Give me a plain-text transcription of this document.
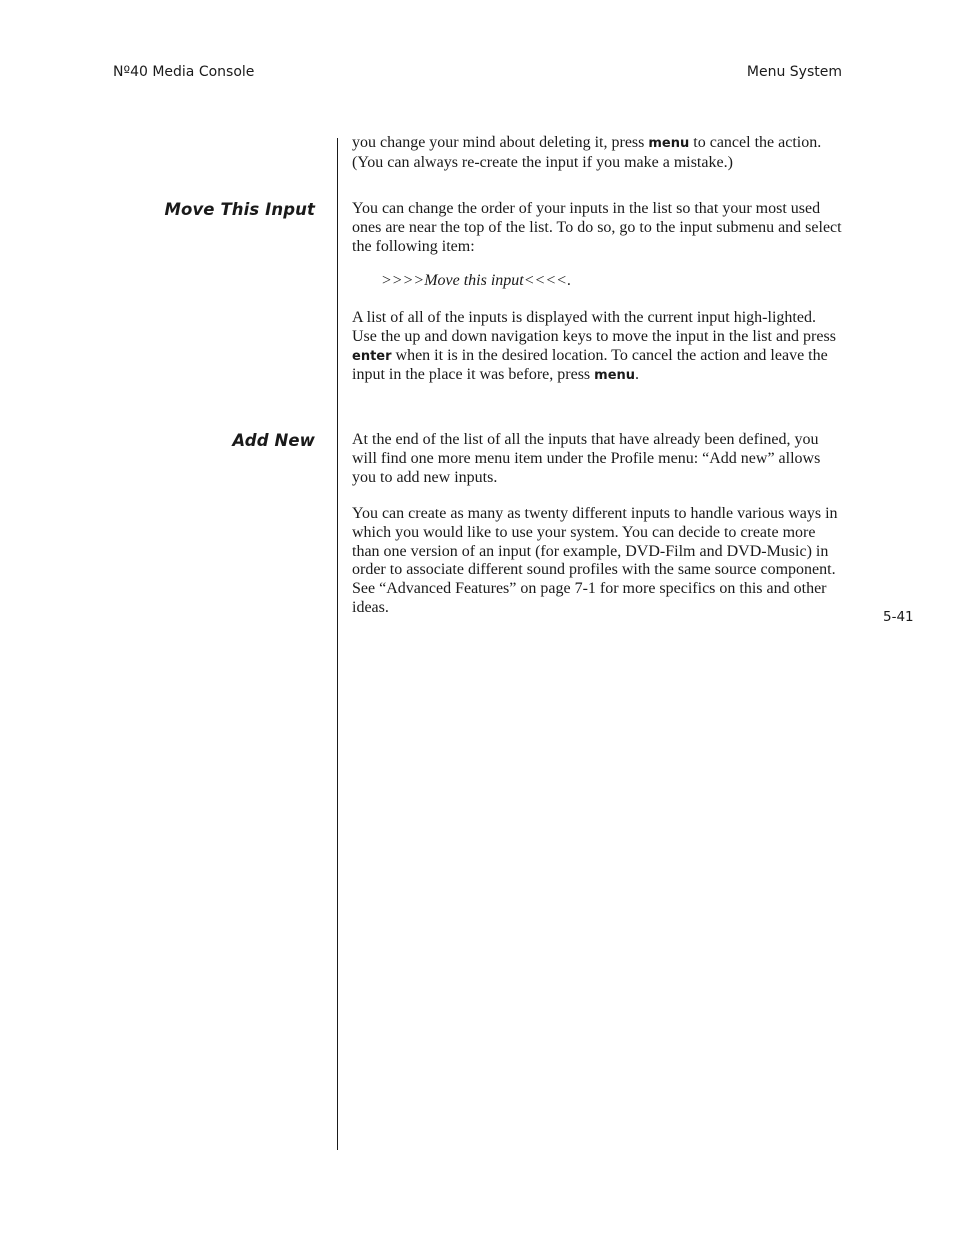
Nº40 Media Console	Menu System

you change your mind about deleting it, press menu to cancel the action. (You can always re-create the input if you make a mistake.)

Move This Input You can change the order of your inputs in the list so that your most used ones are near the top of the list. To do so, go to the input submenu and select the following item:

>>>>Move this input<<<<.

A list of all of the inputs is displayed with the current input high-lighted. Use the up and down navigation keys to move the input in the list and press enter when it is in the desired location. To cancel the action and leave the input in the place it was before, press menu.

Add New At the end of the list of all the inputs that have already been defined, you will find one more menu item under the Profile menu: “Add new” allows you to add new inputs.

You can create as many as twenty different inputs to handle various ways in which you would like to use your system. You can decide to create more than one version of an input (for example, DVD-Film and DVD-Music) in order to associate different sound profiles with the same source component. See “Advanced Features” on page 7-1 for more specifics on this and other ideas.

5-41
